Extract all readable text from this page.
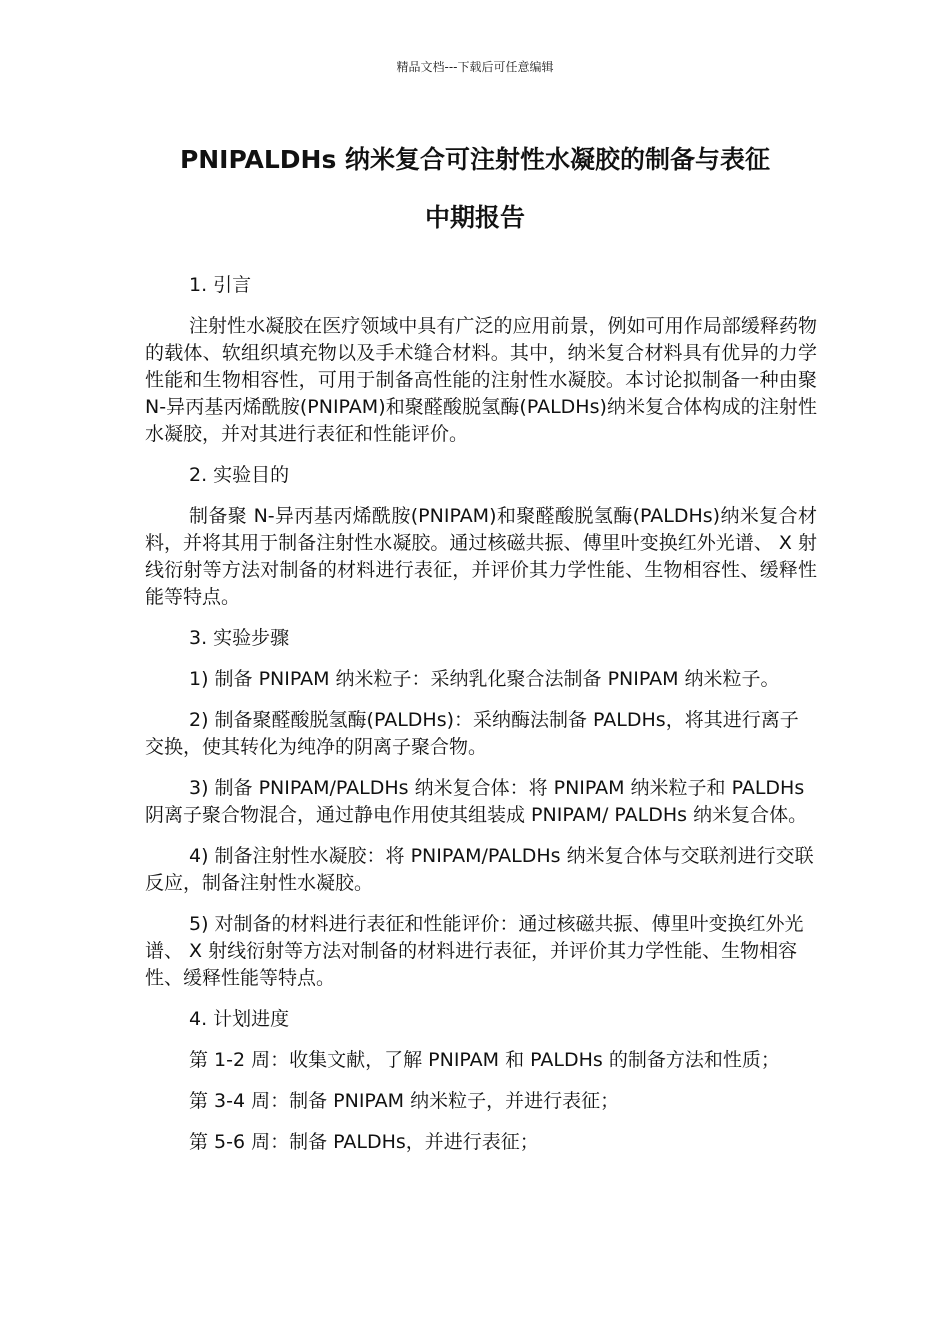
精品文档---下载后可任意编辑
PNIPALDHs 纳米复合可注射性水凝胶的制备与表征
中期报告
1. 引言
注射性水凝胶在医疗领域中具有广泛的应用前景，例如可用作局部缓释药物的载体、软组织填充物以及手术缝合材料。其中，纳米复合材料具有优异的力学性能和生物相容性，可用于制备高性能的注射性水凝胶。本讨论拟制备一种由聚 N-异丙基丙烯酰胺(PNIPAM)和聚醛酸脱氢酶(PALDHs)纳米复合体构成的注射性水凝胶，并对其进行表征和性能评价。
2. 实验目的
制备聚 N-异丙基丙烯酰胺(PNIPAM)和聚醛酸脱氢酶(PALDHs)纳米复合材料，并将其用于制备注射性水凝胶。通过核磁共振、傅里叶变换红外光谱、 X 射线衍射等方法对制备的材料进行表征，并评价其力学性能、生物相容性、缓释性能等特点。
3. 实验步骤
1) 制备 PNIPAM 纳米粒子：采纳乳化聚合法制备 PNIPAM 纳米粒子。
2) 制备聚醛酸脱氢酶(PALDHs)：采纳酶法制备 PALDHs，将其进行离子交换，使其转化为纯净的阴离子聚合物。
3) 制备 PNIPAM/PALDHs 纳米复合体：将 PNIPAM 纳米粒子和 PALDHs 阴离子聚合物混合，通过静电作用使其组装成 PNIPAM/ PALDHs 纳米复合体。
4) 制备注射性水凝胶：将 PNIPAM/PALDHs 纳米复合体与交联剂进行交联反应，制备注射性水凝胶。
5) 对制备的材料进行表征和性能评价：通过核磁共振、傅里叶变换红外光谱、 X 射线衍射等方法对制备的材料进行表征，并评价其力学性能、生物相容性、缓释性能等特点。
4. 计划进度
第 1-2 周：收集文献，了解 PNIPAM 和 PALDHs 的制备方法和性质；
第 3-4 周：制备 PNIPAM 纳米粒子，并进行表征；
第 5-6 周：制备 PALDHs，并进行表征；
